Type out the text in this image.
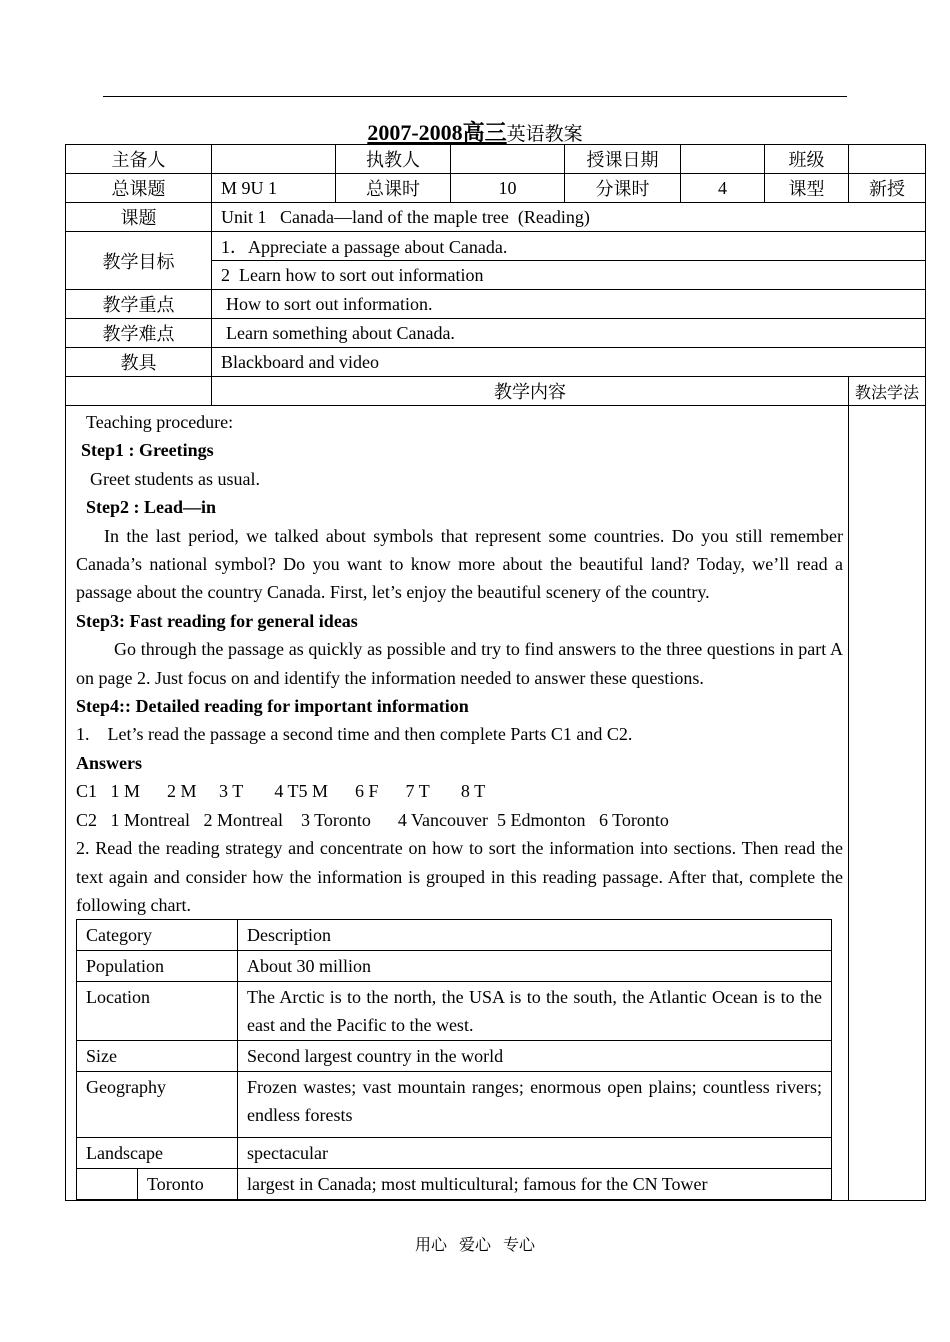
2007-2008高三英语教案
主备人		执教人		授课日期		班级	
总课题	M 9U 1	总课时	10	分课时	4	课型	新授
课题	Unit 1   Canada—land of the maple tree  (Reading)
教学目标	1．Appreciate a passage about Canada.
2  Learn how to sort out information
教学重点	How to sort out information.
教学难点	Learn something about Canada.
教具	Blackboard and video
	教学内容	教法学法

Teaching procedure:

Step1 : Greetings

Greet students as usual.

Step2 : Lead—in

In the last period, we talked about symbols that represent some countries. Do you still remember Canada’s national symbol? Do you want to know more about the beautiful land? Today, we’ll read a passage about the country Canada. First, let’s enjoy the beautiful scenery of the country.

Step3: Fast reading for general ideas

Go through the passage as quickly as possible and try to find answers to the three questions in part A on page 2. Just focus on and identify the information needed to answer these questions.

Step4:: Detailed reading for important information

1.    Let’s read the passage a second time and then complete Parts C1 and C2.

Answers

C1   1 M      2 M     3 T       4 T5 M      6 F      7 T       8 T

C2   1 Montreal   2 Montreal    3 Toronto      4 Vancouver  5 Edmonton   6 Toronto

2. Read the reading strategy and concentrate on how to sort the information into sections. Then read the text again and consider how the information is grouped in this reading passage. After that, complete the following chart.

Category	Description
Population	About 30 million
Location	The Arctic is to the north, the USA is to the south, the Atlantic Ocean is to the east and the Pacific to the west.
Size	Second largest country in the world
Geography	Frozen wastes; vast mountain ranges; enormous open plains; countless rivers; endless forests
Landscape	spectacular
	Toronto	largest in Canada; most multicultural; famous for the CN Tower

用心   爱心   专心
